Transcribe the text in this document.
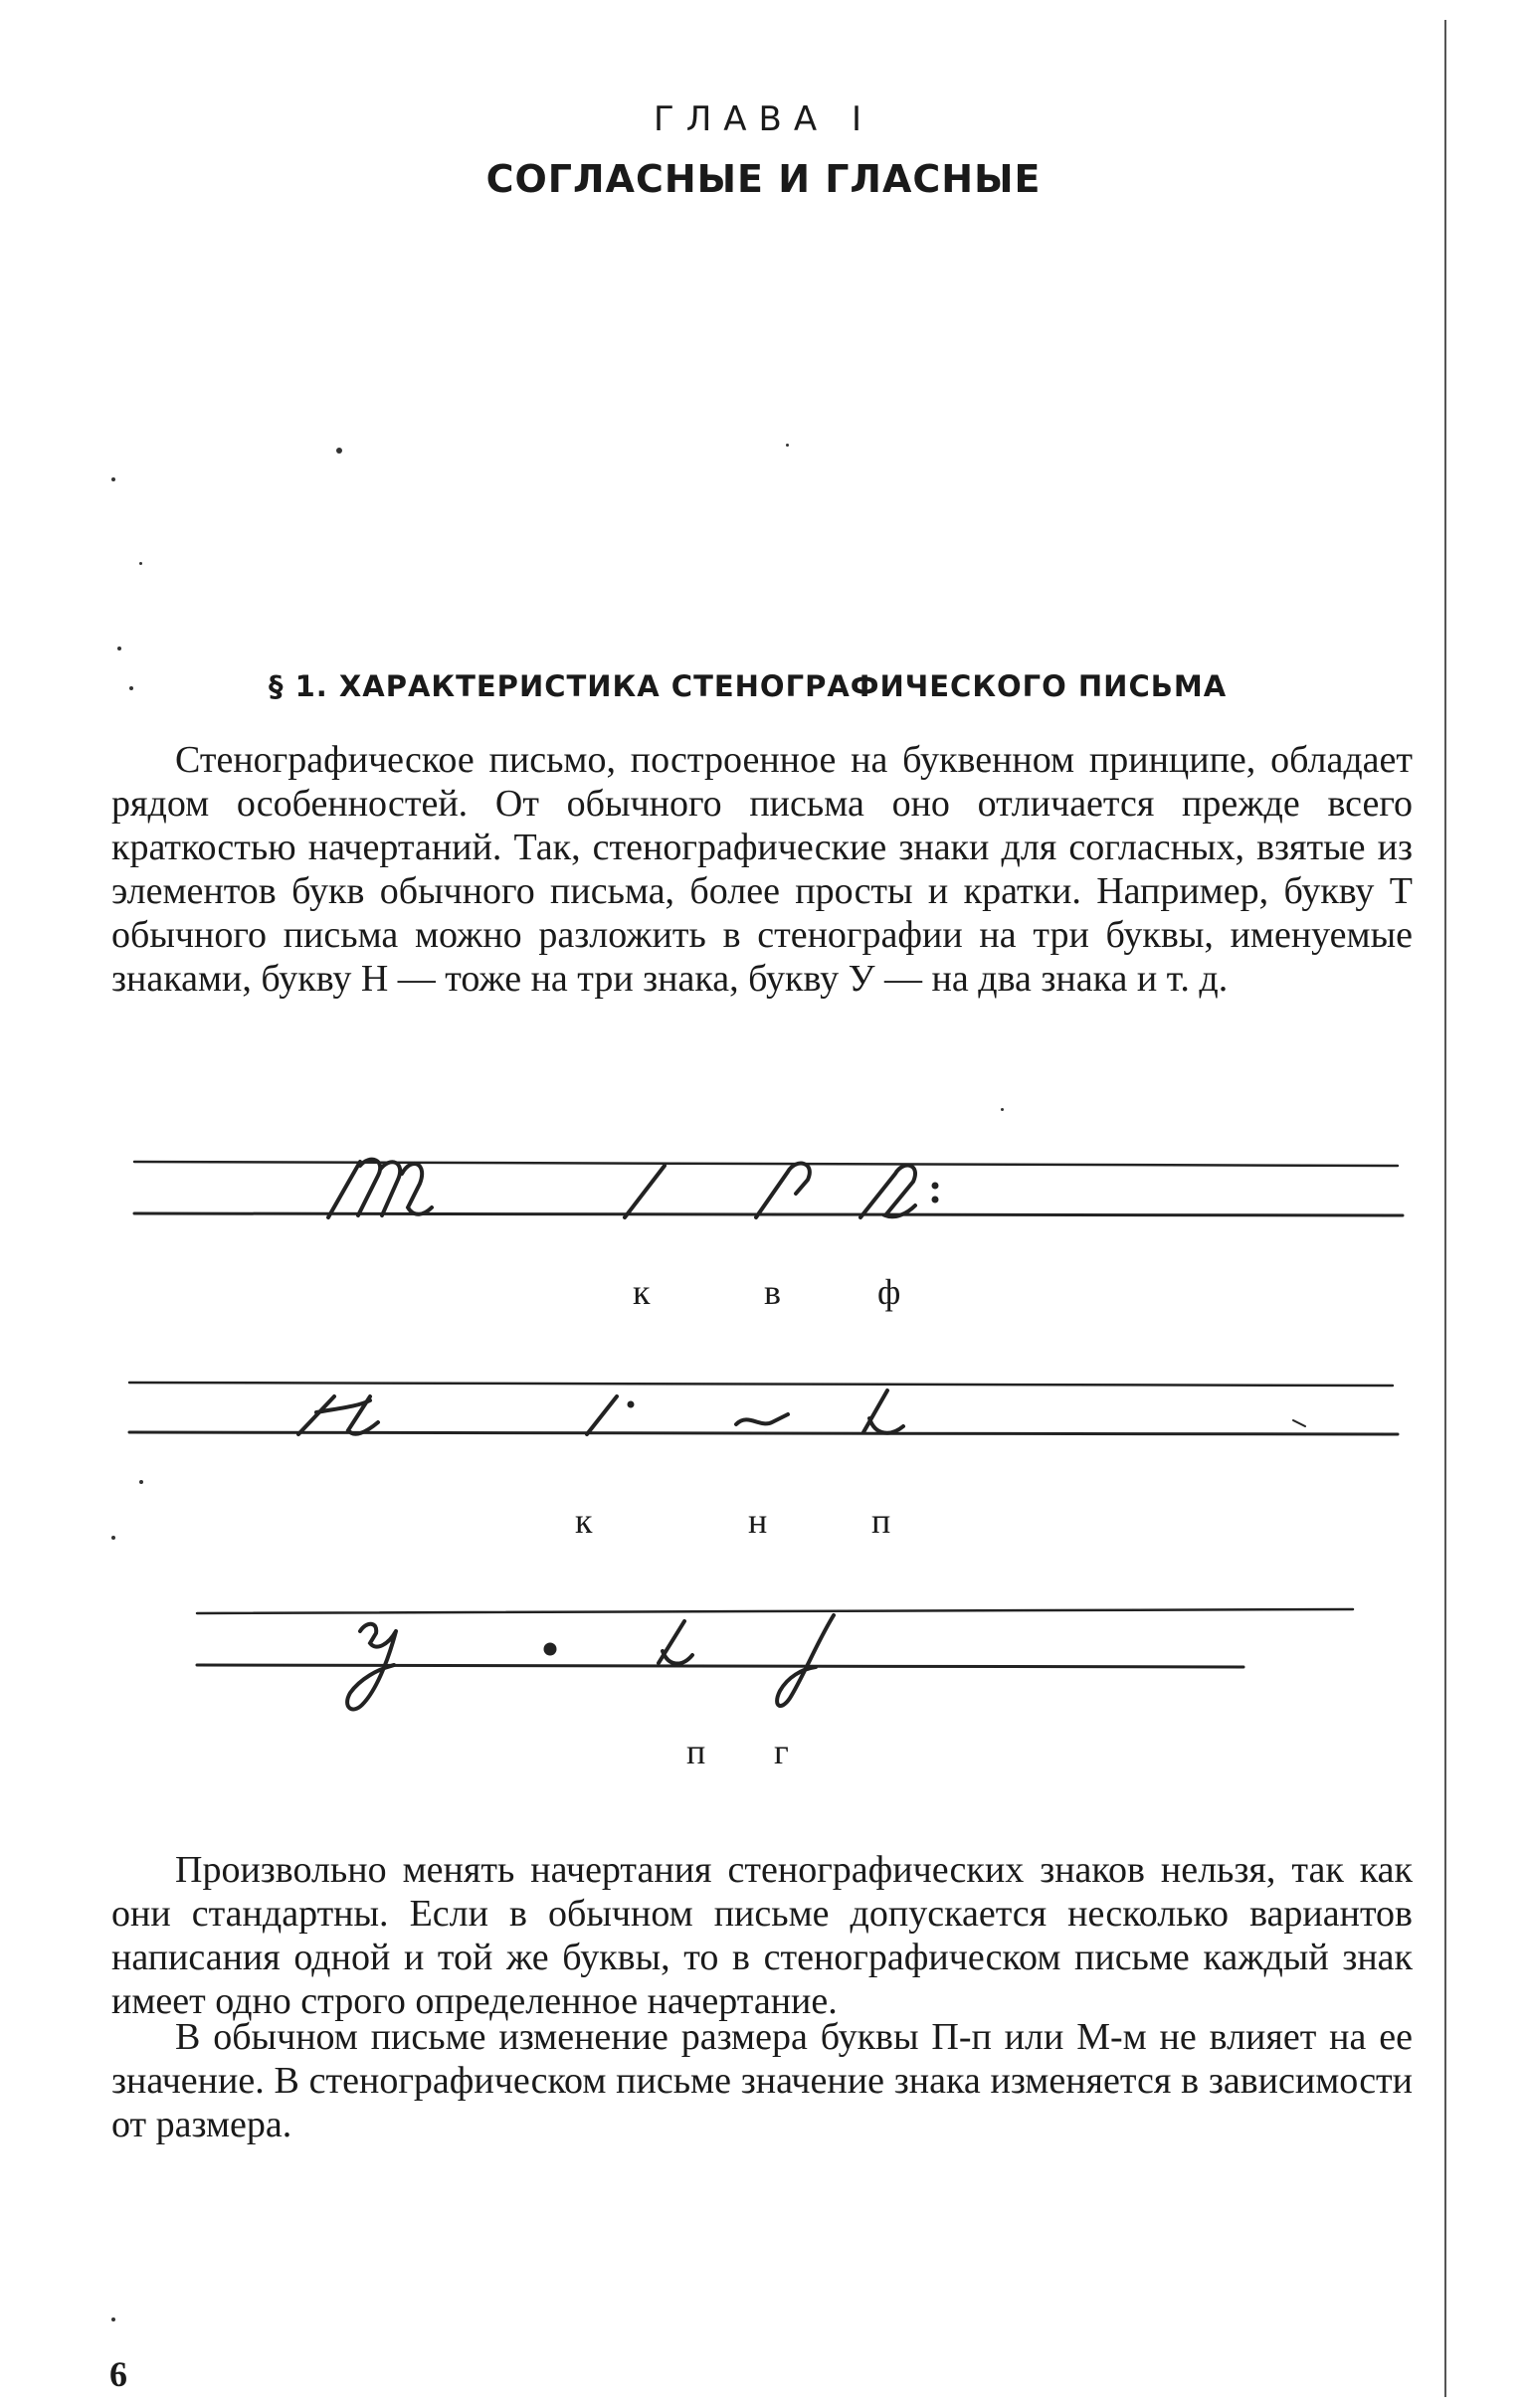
ГЛАВА I
СОГЛАСНЫЕ И ГЛАСНЫЕ
§ 1. ХАРАКТЕРИСТИКА СТЕНОГРАФИЧЕСКОГО ПИСЬМА

Стенографическое письмо, построенное на буквенном принципе, обладает рядом особенностей. От обычного письма оно отличается прежде всего краткостью начертаний. Так, стенографические знаки для согласных, взятые из элементов букв обычного письма, более просты и кратки. Например, букву Т обычного письма можно разложить в стенографии на три буквы, именуемые знаками, букву Н — тоже на три знака, букву У — на два знака и т. д.

к	в	ф
к	н	п
п г

Произвольно менять начертания стенографических знаков нельзя, так как они стандартны. Если в обычном письме допускается несколько вариантов написания одной и той же буквы, то в стенографическом письме каждый знак имеет одно строго определенное начертание.

В обычном письме изменение размера буквы П-п или М-м не влияет на ее значение. В стенографическом письме значение знака изменяется в зависимости от размера.

6
